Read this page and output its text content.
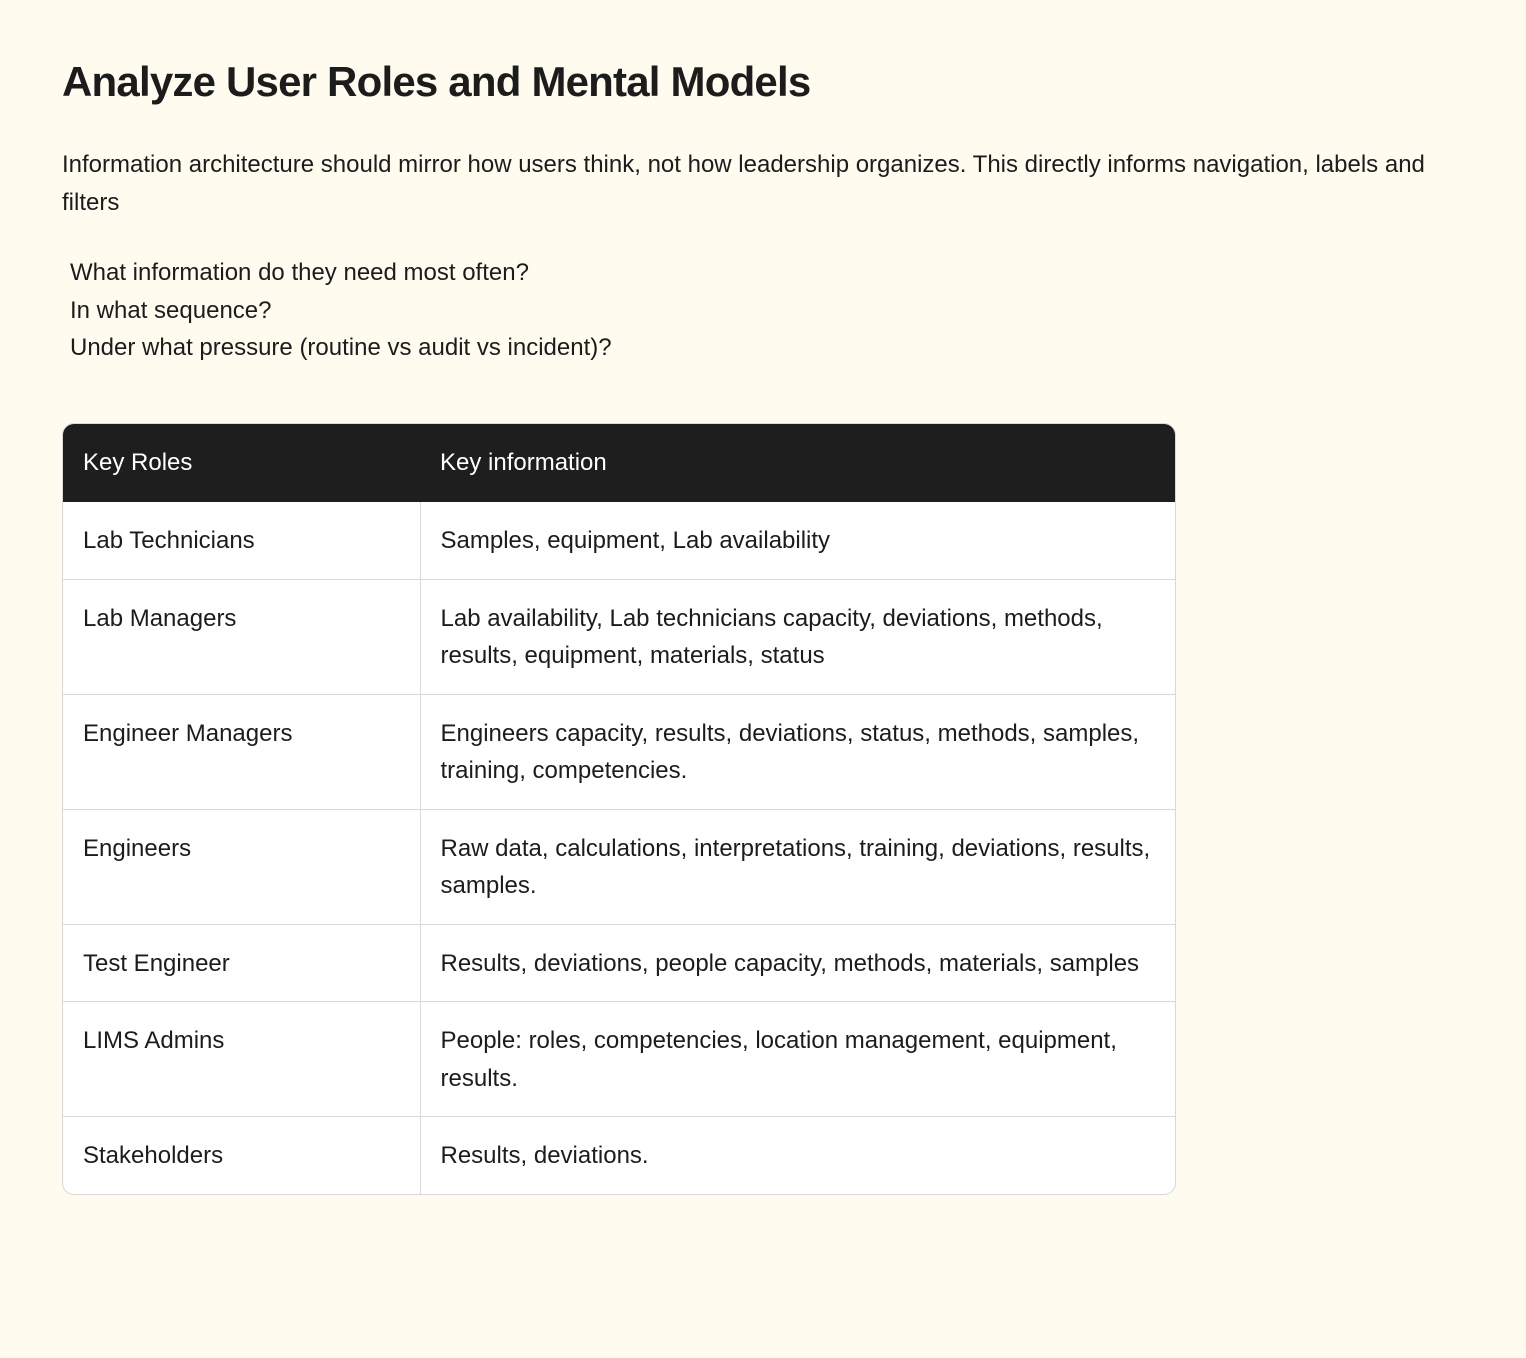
Analyze User Roles and Mental Models

Information architecture should mirror how users think, not how leadership organizes. This directly informs navigation, labels and filters

What information do they need most often?
In what sequence?
Under what pressure (routine vs audit vs incident)?
Key Roles	Key information
Lab Technicians	Samples, equipment, Lab availability
Lab Managers	Lab availability, Lab technicians capacity, deviations, methods, results, equipment, materials, status
Engineer Managers	Engineers capacity, results, deviations, status, methods, samples, training, competencies.
Engineers	Raw data, calculations, interpretations, training, deviations, results, samples.
Test Engineer	Results, deviations, people capacity, methods, materials, samples
LIMS Admins	People: roles, competencies, location management, equipment, results.
Stakeholders	Results, deviations.
